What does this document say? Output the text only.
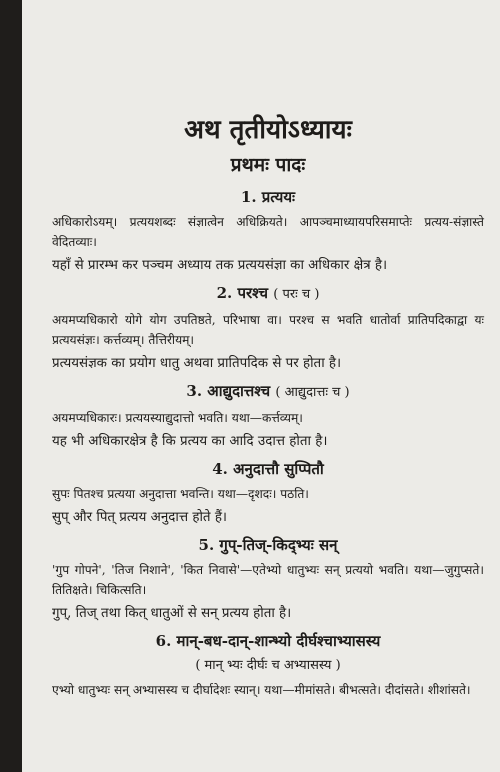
अथ तृतीयोऽध्यायः
प्रथमः पादः
1. प्रत्ययः

अधिकारोऽयम्। प्रत्ययशब्दः संज्ञात्वेन अधिक्रियते। आपञ्चमाध्यायपरिसमाप्तेः प्रत्यय-संज्ञास्ते वेदितव्याः।

यहाँ से प्रारम्भ कर पञ्चम अध्याय तक प्रत्ययसंज्ञा का अधिकार क्षेत्र है।

2. परश्च ( परः च )

अयमप्यधिकारो योगे योग उपतिष्ठते, परिभाषा वा। परश्च स भवति धातोर्वा प्रातिपदिकाद्वा यः प्रत्ययसंज्ञः। कर्त्तव्यम्। तैत्तिरीयम्।

प्रत्ययसंज्ञक का प्रयोग धातु अथवा प्रातिपदिक से पर होता है।

3. आद्युदात्तश्च ( आद्युदात्तः च )

अयमप्यधिकारः। प्रत्ययस्याद्युदात्तो भवति। यथा—कर्त्तव्यम्।

यह भी अधिकारक्षेत्र है कि प्रत्यय का आदि उदात्त होता है।

4. अनुदात्तौ सुप्पितौ

सुपः पितश्च प्रत्यया अनुदात्ता भवन्ति। यथा—दृशदः। पठति।

सुप् और पित् प्रत्यय अनुदात्त होते हैं।

5. गुप्-तिज्-किद्भ्यः सन्

'गुप गोपने', 'तिज निशाने', 'कित निवासे'—एतेभ्यो धातुभ्यः सन् प्रत्ययो भवति। यथा—जुगुप्सते। तितिक्षते। चिकित्सति।

गुप्, तिज् तथा कित् धातुओं से सन् प्रत्यय होता है।

6. मान्-बध-दान्-शान्भ्यो दीर्घश्चाभ्यासस्य
( मान् भ्यः दीर्घः च अभ्यासस्य )

एभ्यो धातुभ्यः सन् अभ्यासस्य च दीर्घादेशः स्यान्। यथा—मीमांसते। बीभत्सते। दीदांसते। शीशांसते।
